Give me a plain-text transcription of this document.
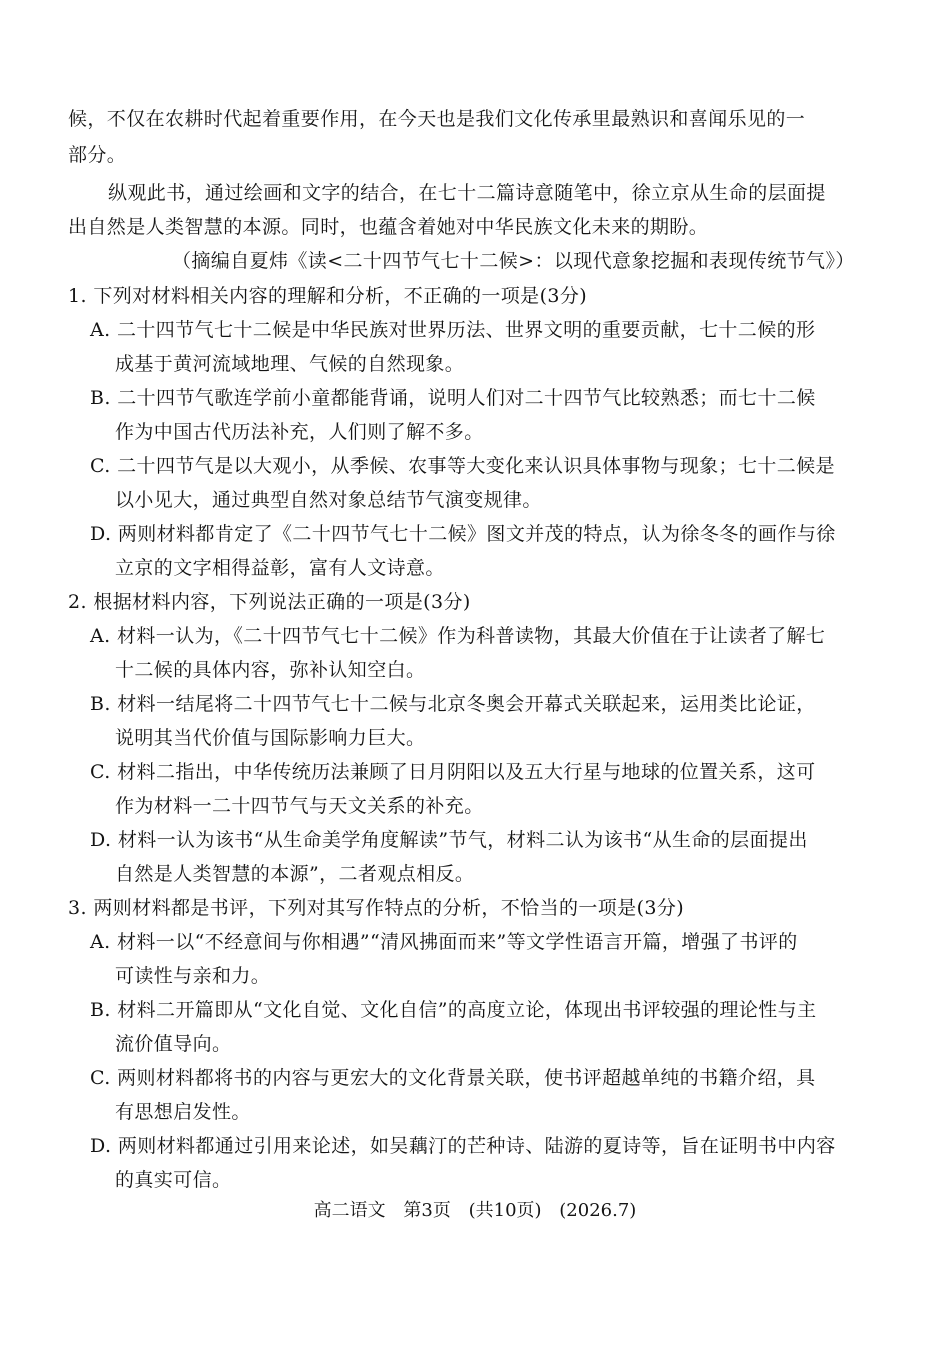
候，不仅在农耕时代起着重要作用，在今天也是我们文化传承里最熟识和喜闻乐见的一
部分。
纵观此书，通过绘画和文字的结合，在七十二篇诗意随笔中，徐立京从生命的层面提
出自然是人类智慧的本源。同时，也蕴含着她对中华民族文化未来的期盼。
（摘编自夏炜《读<二十四节气七十二候>：以现代意象挖掘和表现传统节气》）
1. 下列对材料相关内容的理解和分析，不正确的一项是(3分)
A. 二十四节气七十二候是中华民族对世界历法、世界文明的重要贡献，七十二候的形
成基于黄河流域地理、气候的自然现象。
B. 二十四节气歌连学前小童都能背诵，说明人们对二十四节气比较熟悉；而七十二候
作为中国古代历法补充，人们则了解不多。
C. 二十四节气是以大观小，从季候、农事等大变化来认识具体事物与现象；七十二候是
以小见大，通过典型自然对象总结节气演变规律。
D. 两则材料都肯定了《二十四节气七十二候》图文并茂的特点，认为徐冬冬的画作与徐
立京的文字相得益彰，富有人文诗意。
2. 根据材料内容，下列说法正确的一项是(3分)
A. 材料一认为，《二十四节气七十二候》作为科普读物，其最大价值在于让读者了解七
十二候的具体内容，弥补认知空白。
B. 材料一结尾将二十四节气七十二候与北京冬奥会开幕式关联起来，运用类比论证，
说明其当代价值与国际影响力巨大。
C. 材料二指出，中华传统历法兼顾了日月阴阳以及五大行星与地球的位置关系，这可
作为材料一二十四节气与天文关系的补充。
D. 材料一认为该书“从生命美学角度解读”节气，材料二认为该书“从生命的层面提出
自然是人类智慧的本源”，二者观点相反。
3. 两则材料都是书评，下列对其写作特点的分析，不恰当的一项是(3分)
A. 材料一以“不经意间与你相遇”“清风拂面而来”等文学性语言开篇，增强了书评的
可读性与亲和力。
B. 材料二开篇即从“文化自觉、文化自信”的高度立论，体现出书评较强的理论性与主
流价值导向。
C. 两则材料都将书的内容与更宏大的文化背景关联，使书评超越单纯的书籍介绍，具
有思想启发性。
D. 两则材料都通过引用来论述，如吴藕汀的芒种诗、陆游的夏诗等，旨在证明书中内容
的真实可信。
高二语文 第3页 (共10页) (2026.7)
